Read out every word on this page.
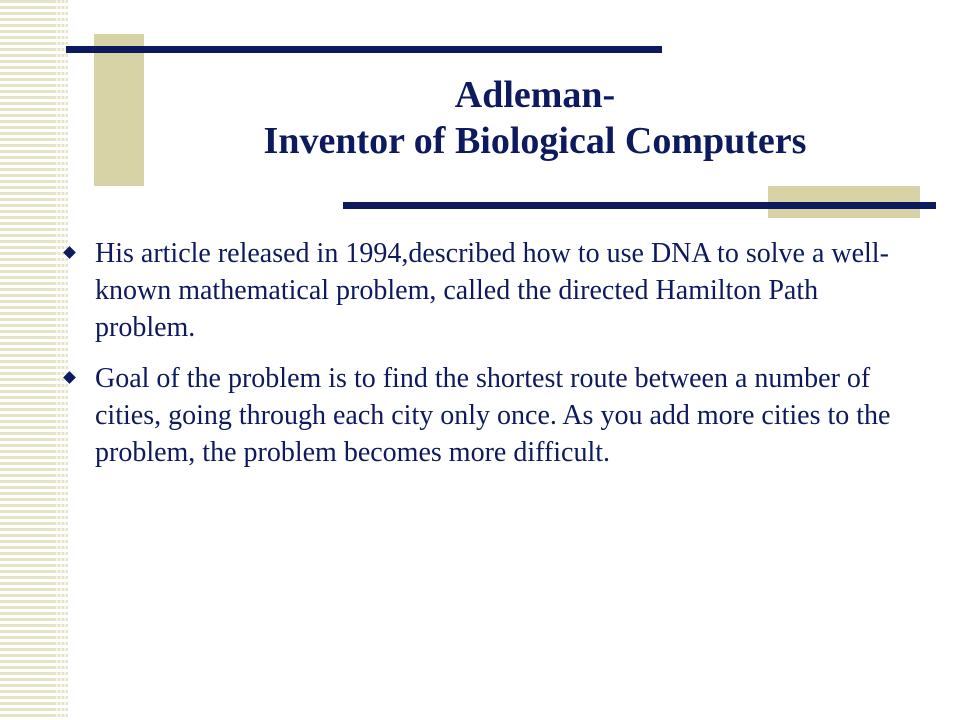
Adleman-
Inventor of Biological Computers
His article released in 1994,described how to use DNA to solve a well-known mathematical problem, called the directed Hamilton Path problem.
Goal of the problem is to find the shortest route between a number of cities, going through each city only once. As you add more cities to the problem, the problem becomes more difficult.
